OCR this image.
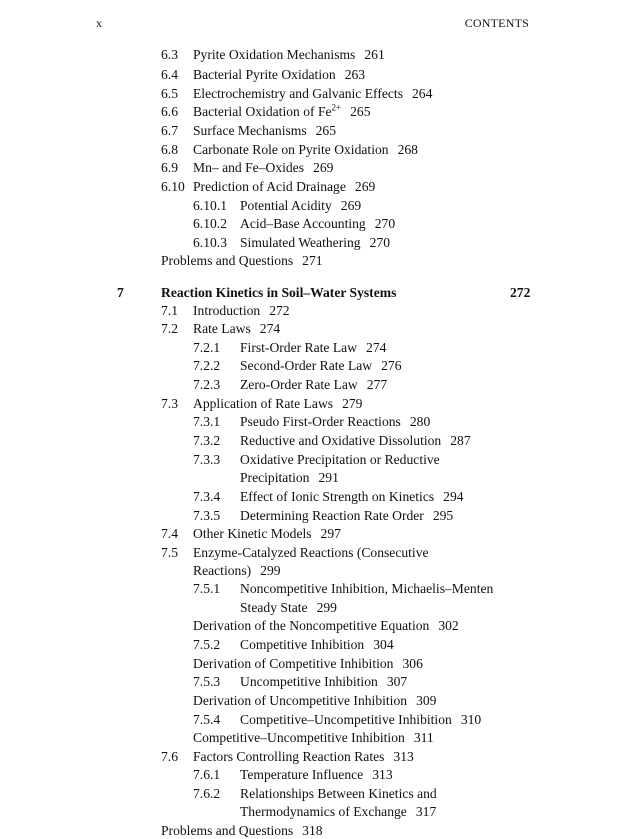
x	CONTENTS
6.3 Pyrite Oxidation Mechanisms 261
6.4 Bacterial Pyrite Oxidation 263
6.5 Electrochemistry and Galvanic Effects 264
6.6 Bacterial Oxidation of $Fe^{2+}$ 265
6.7 Surface Mechanisms 265
6.8 Carbonate Role on Pyrite Oxidation 268
6.9 Mn– and Fe–Oxides 269
6.10 Prediction of Acid Drainage 269
6.10.1 Potential Acidity 269
6.10.2 Acid–Base Accounting 270
6.10.3 Simulated Weathering 270
Problems and Questions 271
7	Reaction Kinetics in Soil–Water Systems	272
7.1 Introduction 272
7.2 Rate Laws 274
7.2.1 First-Order Rate Law 274
7.2.2 Second-Order Rate Law 276
7.2.3 Zero-Order Rate Law 277
7.3 Application of Rate Laws 279
7.3.1 Pseudo First-Order Reactions 280
7.3.2 Reductive and Oxidative Dissolution 287
7.3.3 Oxidative Precipitation or Reductive
Precipitation 291
7.3.4 Effect of Ionic Strength on Kinetics 294
7.3.5 Determining Reaction Rate Order 295
7.4 Other Kinetic Models 297
7.5 Enzyme-Catalyzed Reactions (Consecutive
Reactions) 299
7.5.1 Noncompetitive Inhibition, Michaelis–Menten
Steady State 299
Derivation of the Noncompetitive Equation 302
7.5.2 Competitive Inhibition 304
Derivation of Competitive Inhibition 306
7.5.3 Uncompetitive Inhibition 307
Derivation of Uncompetitive Inhibition 309
7.5.4 Competitive–Uncompetitive Inhibition 310
Competitive–Uncompetitive Inhibition 311
7.6 Factors Controlling Reaction Rates 313
7.6.1 Temperature Influence 313
7.6.2 Relationships Between Kinetics and
Thermodynamics of Exchange 317
Problems and Questions 318
